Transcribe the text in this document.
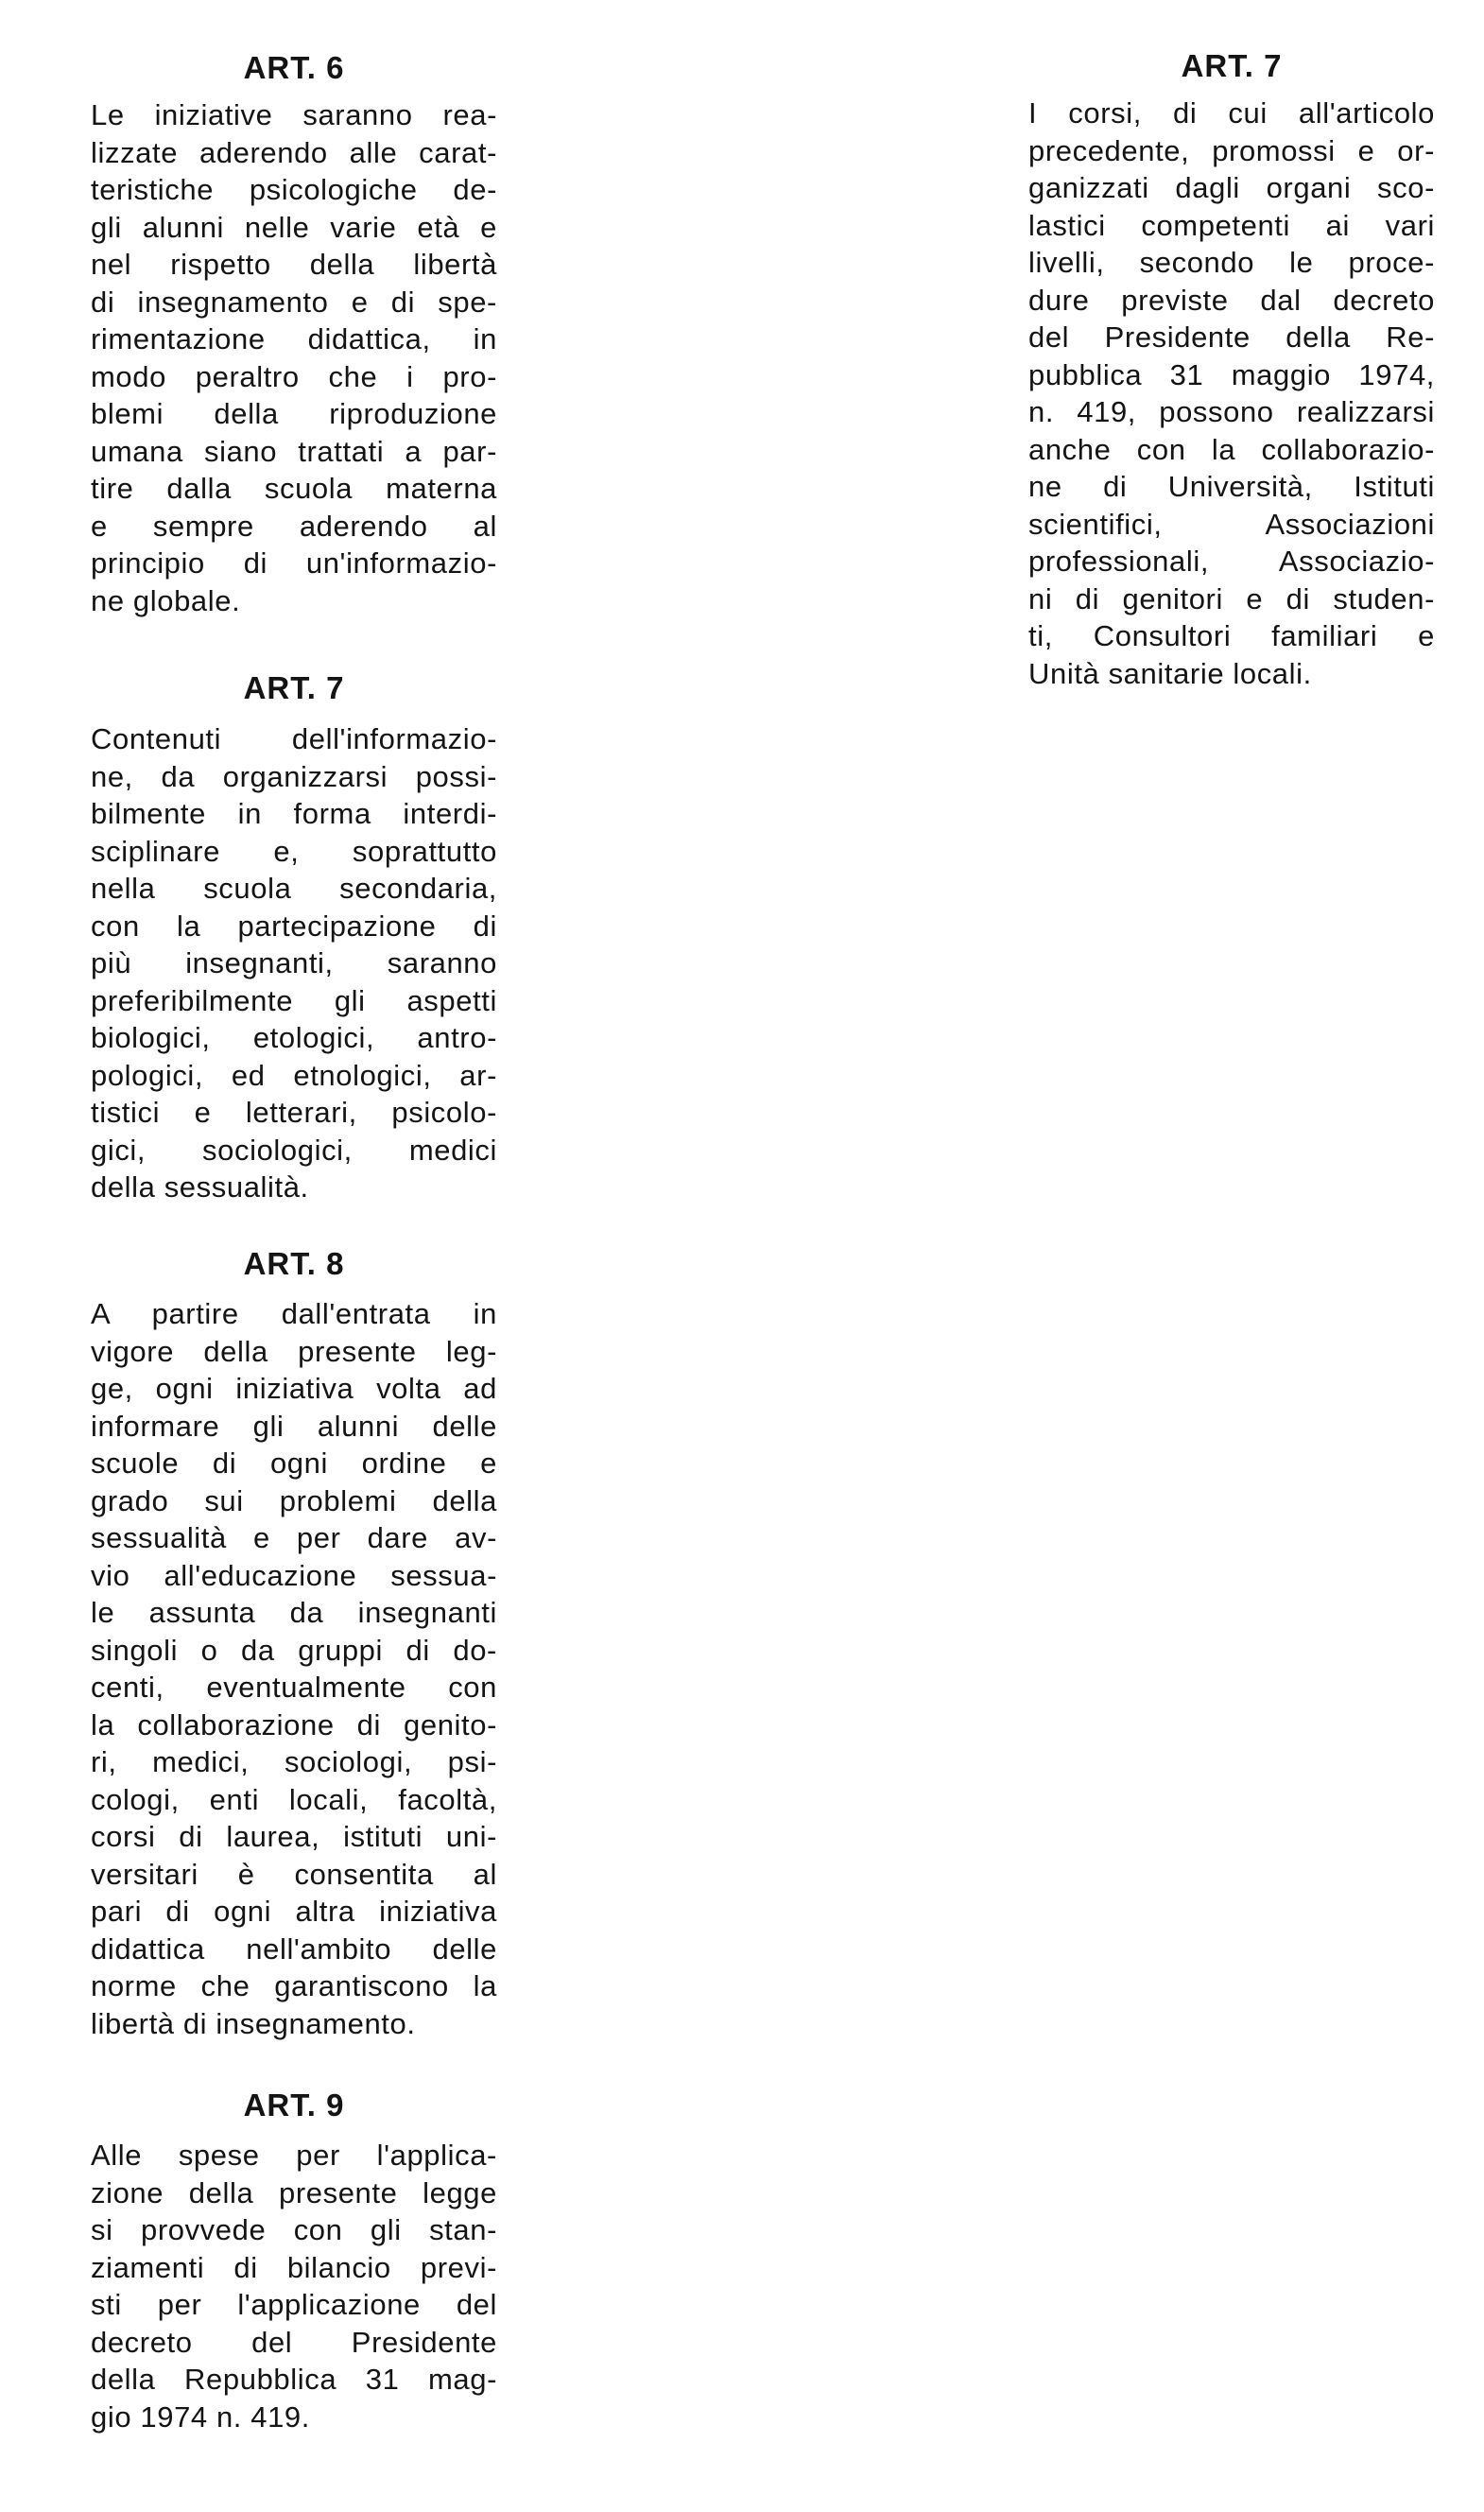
ART. 6
Le iniziative saranno rea-
lizzate aderendo alle carat-
teristiche psicologiche de-
gli alunni nelle varie età e
nel rispetto della libertà
di insegnamento e di spe-
rimentazione didattica, in
modo peraltro che i pro-
blemi della riproduzione
umana siano trattati a par-
tire dalla scuola materna
e sempre aderendo al
principio di un'informazio-
ne globale.
ART. 7
Contenuti dell'informazio-
ne, da organizzarsi possi-
bilmente in forma interdi-
sciplinare e, soprattutto
nella scuola secondaria,
con la partecipazione di
più insegnanti, saranno
preferibilmente gli aspetti
biologici, etologici, antro-
pologici, ed etnologici, ar-
tistici e letterari, psicolo-
gici, sociologici, medici
della sessualità.
ART. 8
A partire dall'entrata in
vigore della presente leg-
ge, ogni iniziativa volta ad
informare gli alunni delle
scuole di ogni ordine e
grado sui problemi della
sessualità e per dare av-
vio all'educazione sessua-
le assunta da insegnanti
singoli o da gruppi di do-
centi, eventualmente con
la collaborazione di genito-
ri, medici, sociologi, psi-
cologi, enti locali, facoltà,
corsi di laurea, istituti uni-
versitari è consentita al
pari di ogni altra iniziativa
didattica nell'ambito delle
norme che garantiscono la
libertà di insegnamento.
ART. 9
Alle spese per l'applica-
zione della presente legge
si provvede con gli stan-
ziamenti di bilancio previ-
sti per l'applicazione del
decreto del Presidente
della Repubblica 31 mag-
gio 1974 n. 419.
ART. 7
I corsi, di cui all'articolo
precedente, promossi e or-
ganizzati dagli organi sco-
lastici competenti ai vari
livelli, secondo le proce-
dure previste dal decreto
del Presidente della Re-
pubblica 31 maggio 1974,
n. 419, possono realizzarsi
anche con la collaborazio-
ne di Università, Istituti
scientifici, Associazioni
professionali, Associazio-
ni di genitori e di studen-
ti, Consultori familiari e
Unità sanitarie locali.
